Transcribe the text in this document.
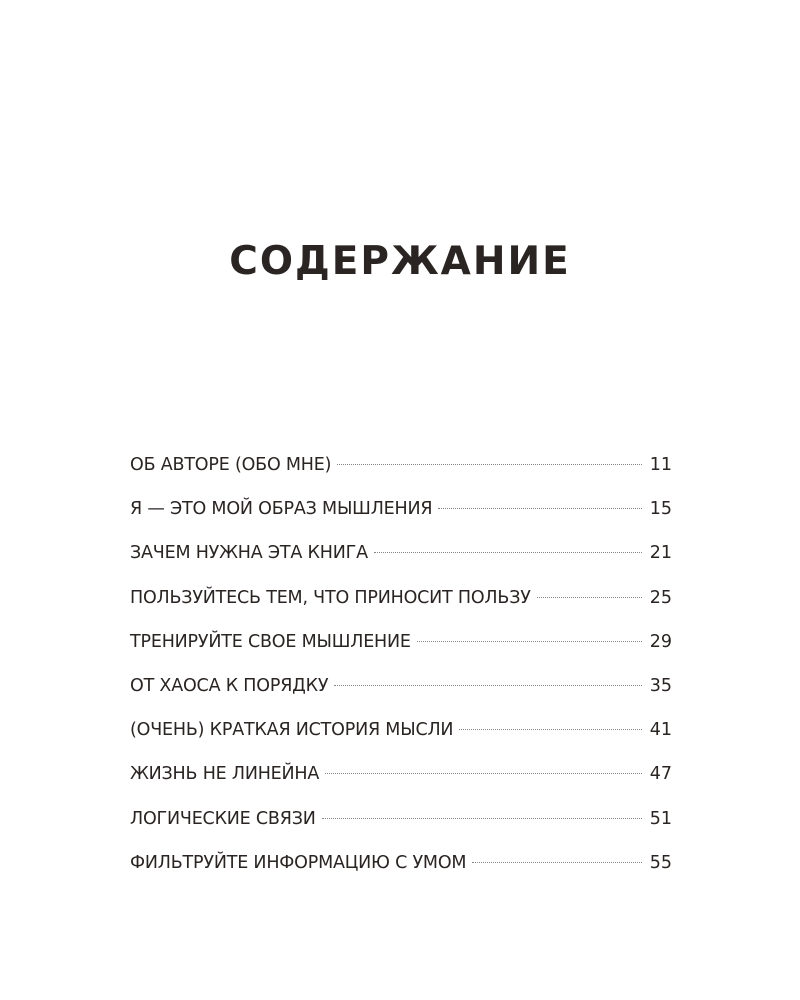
СОДЕРЖАНИЕ
ОБ АВТОРЕ (ОБО МНЕ)	11
Я — ЭТО МОЙ ОБРАЗ МЫШЛЕНИЯ	15
ЗАЧЕМ НУЖНА ЭТА КНИГА	21
ПОЛЬЗУЙТЕСЬ ТЕМ, ЧТО ПРИНОСИТ ПОЛЬЗУ	25
ТРЕНИРУЙТЕ СВОЕ МЫШЛЕНИЕ	29
ОТ ХАОСА К ПОРЯДКУ	35
(ОЧЕНЬ) КРАТКАЯ ИСТОРИЯ МЫСЛИ	41
ЖИЗНЬ НЕ ЛИНЕЙНА	47
ЛОГИЧЕСКИЕ СВЯЗИ	51
ФИЛЬТРУЙТЕ ИНФОРМАЦИЮ С УМОМ	55
